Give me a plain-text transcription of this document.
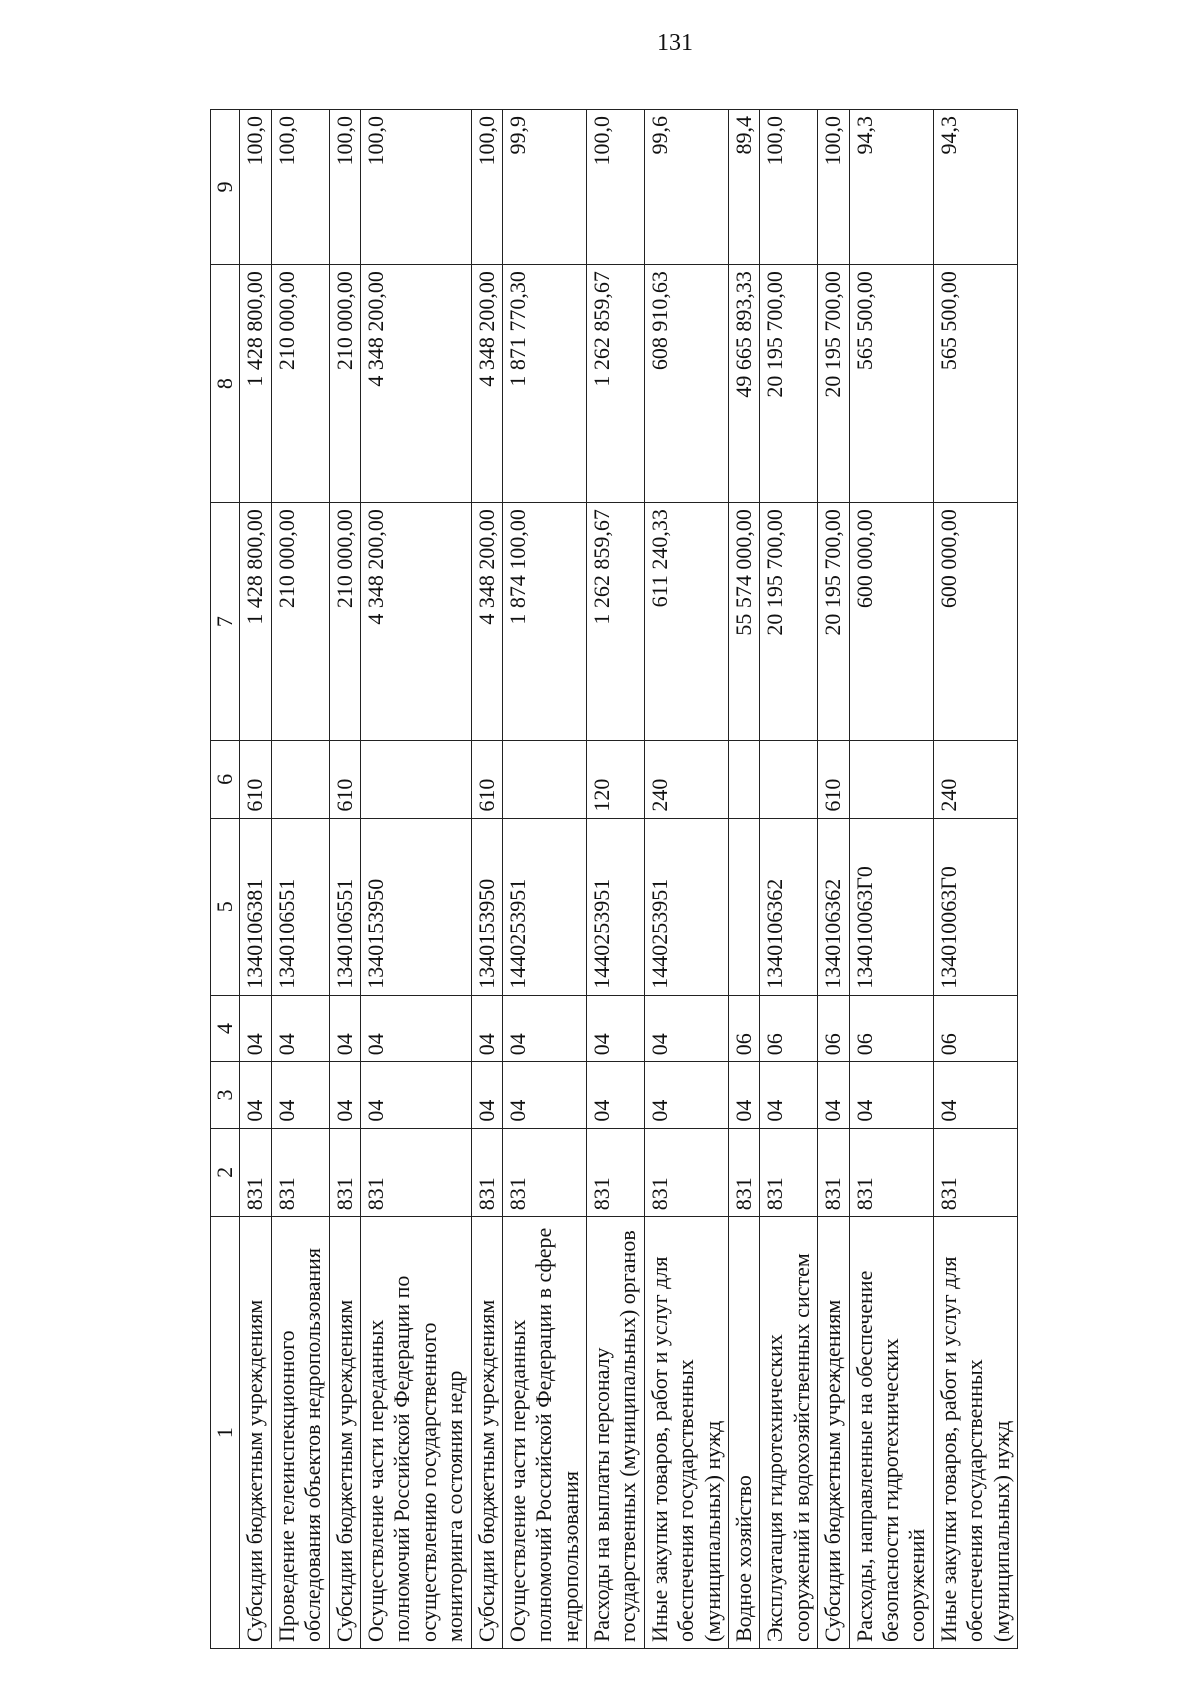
131
1	2	3	4	5	6	7	8	9
Субсидии бюджетным учреждениям	831	04	04	1340106381	610	1 428 800,00	1 428 800,00	100,0
Проведение телеинспекционного обследования объектов недропользования	831	04	04	1340106551		210 000,00	210 000,00	100,0
Субсидии бюджетным учреждениям	831	04	04	1340106551	610	210 000,00	210 000,00	100,0
Осуществление части переданных полномочий Российской Федерации по осуществлению государственного мониторинга состояния недр	831	04	04	1340153950		4 348 200,00	4 348 200,00	100,0
Субсидии бюджетным учреждениям	831	04	04	1340153950	610	4 348 200,00	4 348 200,00	100,0
Осуществление части переданных полномочий Российской Федерации в сфере недропользования	831	04	04	1440253951		1 874 100,00	1 871 770,30	99,9
Расходы на выплаты персоналу государственных (муниципальных) органов	831	04	04	1440253951	120	1 262 859,67	1 262 859,67	100,0
Иные закупки товаров, работ и услуг для обеспечения государственных (муниципальных) нужд	831	04	04	1440253951	240	611 240,33	608 910,63	99,6
Водное хозяйство	831	04	06			55 574 000,00	49 665 893,33	89,4
Эксплуатация гидротехнических сооружений и водохозяйственных систем	831	04	06	1340106362		20 195 700,00	20 195 700,00	100,0
Субсидии бюджетным учреждениям	831	04	06	1340106362	610	20 195 700,00	20 195 700,00	100,0
Расходы, направленные на обеспечение безопасности гидротехнических сооружений	831	04	06	134010063Г0		600 000,00	565 500,00	94,3
Иные закупки товаров, работ и услуг для обеспечения государственных (муниципальных) нужд	831	04	06	134010063Г0	240	600 000,00	565 500,00	94,3
